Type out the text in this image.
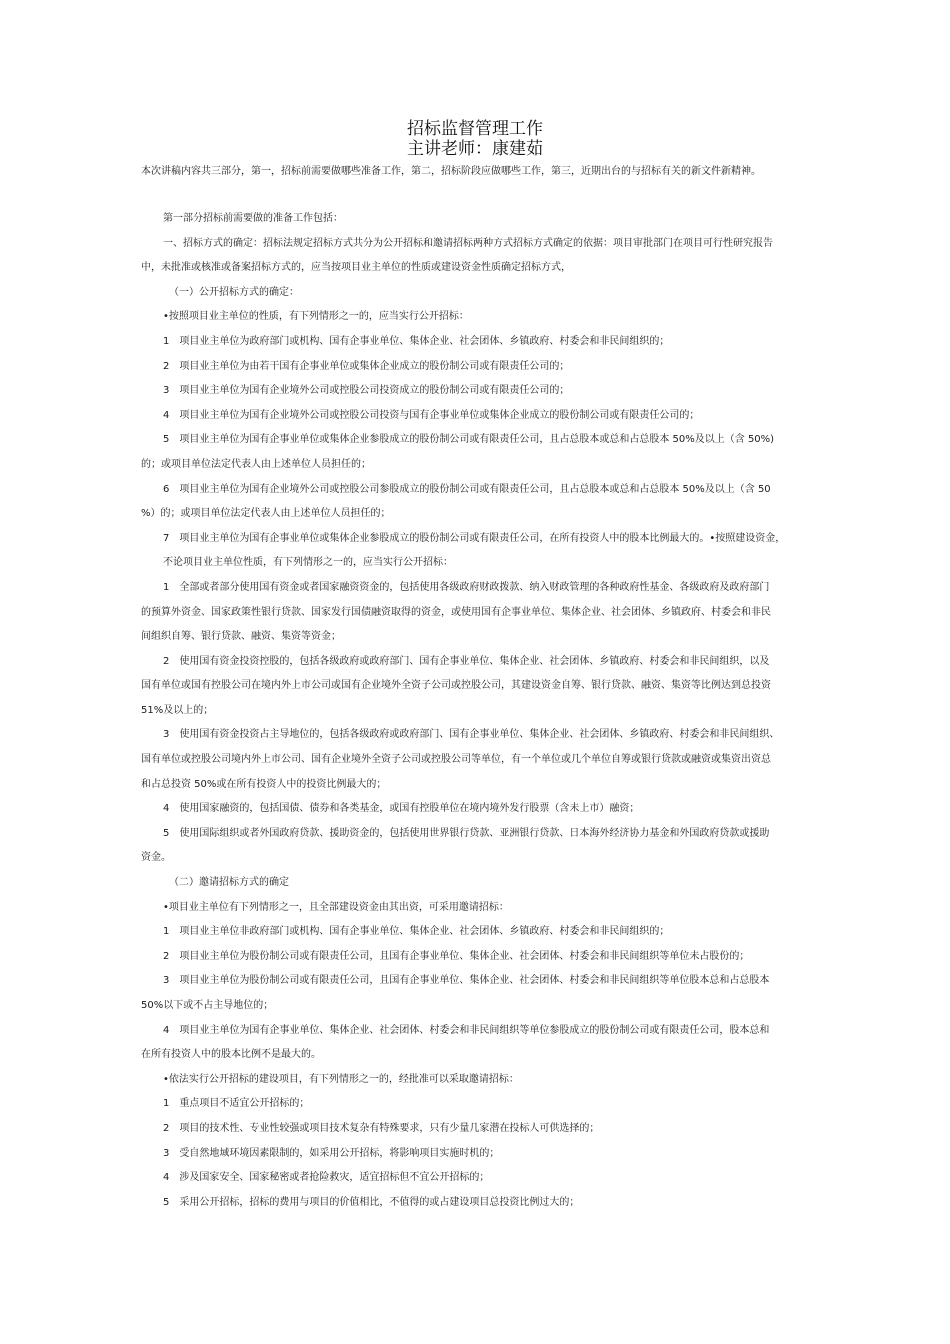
招标监督管理工作
主讲老师：康建茹
本次讲稿内容共三部分，第一，招标前需要做哪些准备工作，第二，招标阶段应做哪些工作，第三，近期出台的与招标有关的新文件新精神。

第一部分招标前需要做的准备工作包括：

一、招标方式的确定：招标法规定招标方式共分为公开招标和邀请招标两种方式招标方式确定的依据：项目审批部门在项目可行性研究报告

中，未批准或核准或备案招标方式的，应当按项目业主单位的性质或建设资金性质确定招标方式，

（一）公开招标方式的确定：

•按照项目业主单位的性质，有下列情形之一的，应当实行公开招标：

1　项目业主单位为政府部门或机构、国有企事业单位、集体企业、社会团体、乡镇政府、村委会和非民间组织的；

2　项目业主单位为由若干国有企事业单位或集体企业成立的股份制公司或有限责任公司的；

3　项目业主单位为国有企业境外公司或控股公司投资成立的股份制公司或有限责任公司的；

4　项目业主单位为国有企业境外公司或控股公司投资与国有企事业单位或集体企业成立的股份制公司或有限责任公司的；

5　项目业主单位为国有企事业单位或集体企业参股成立的股份制公司或有限责任公司，且占总股本或总和占总股本 50%及以上（含 50%)

的；或项目单位法定代表人由上述单位人员担任的；

6　项目业主单位为国有企业境外公司或控股公司参股成立的股份制公司或有限责任公司，且占总股本或总和占总股本 50%及以上（含 50

%）的；或项目单位法定代表人由上述单位人员担任的；

7　项目业主单位为国有企事业单位或集体企业参股成立的股份制公司或有限责任公司，在所有投资人中的股本比例最大的。•按照建设资金，

不论项目业主单位性质，有下列情形之一的，应当实行公开招标：

1　全部或者部分使用国有资金或者国家融资资金的，包括使用各级政府财政拨款、纳入财政管理的各种政府性基金、各级政府及政府部门

的预算外资金、国家政策性银行贷款、国家发行国债融资取得的资金，或使用国有企事业单位、集体企业、社会团体、乡镇政府、村委会和非民

间组织自筹、银行贷款、融资、集资等资金；

2　使用国有资金投资控股的，包括各级政府或政府部门、国有企事业单位、集体企业、社会团体、乡镇政府、村委会和非民间组织，以及

国有单位或国有控股公司在境内外上市公司或国有企业境外全资子公司或控股公司，其建设资金自筹、银行贷款、融资、集资等比例达到总投资

51%及以上的；

3　使用国有资金投资占主导地位的，包括各级政府或政府部门、国有企事业单位、集体企业、社会团体、乡镇政府、村委会和非民间组织、

国有单位或控股公司境内外上市公司、国有企业境外全资子公司或控股公司等单位，有一个单位或几个单位自筹或银行贷款或融资或集资出资总

和占总投资 50%或在所有投资人中的投资比例最大的；

4　使用国家融资的，包括国债、债券和各类基金，或国有控股单位在境内境外发行股票（含未上市）融资；

5　使用国际组织或者外国政府贷款、援助资金的，包括使用世界银行贷款、亚洲银行贷款、日本海外经济协力基金和外国政府贷款或援助

资金。

（二）邀请招标方式的确定

•项目业主单位有下列情形之一，且全部建设资金由其出资，可采用邀请招标：

1　项目业主单位非政府部门或机构、国有企事业单位、集体企业、社会团体、乡镇政府、村委会和非民间组织的；

2　项目业主单位为股份制公司或有限责任公司，且国有企事业单位、集体企业、社会团体、村委会和非民间组织等单位未占股份的；

3　项目业主单位为股份制公司或有限责任公司，且国有企事业单位、集体企业、社会团体、村委会和非民间组织等单位股本总和占总股本

50%以下或不占主导地位的；

4　项目业主单位为国有企事业单位、集体企业、社会团体、村委会和非民间组织等单位参股成立的股份制公司或有限责任公司，股本总和

在所有投资人中的股本比例不是最大的。

•依法实行公开招标的建设项目，有下列情形之一的，经批准可以采取邀请招标：

1　重点项目不适宜公开招标的；

2　项目的技术性、专业性较强或项目技术复杂有特殊要求，只有少量几家潜在投标人可供选择的；

3　受自然地域环境因素限制的，如采用公开招标，将影响项目实施时机的；

4　涉及国家安全、国家秘密或者抢险救灾，适宜招标但不宜公开招标的；

5　采用公开招标，招标的费用与项目的价值相比，不值得的或占建设项目总投资比例过大的；
